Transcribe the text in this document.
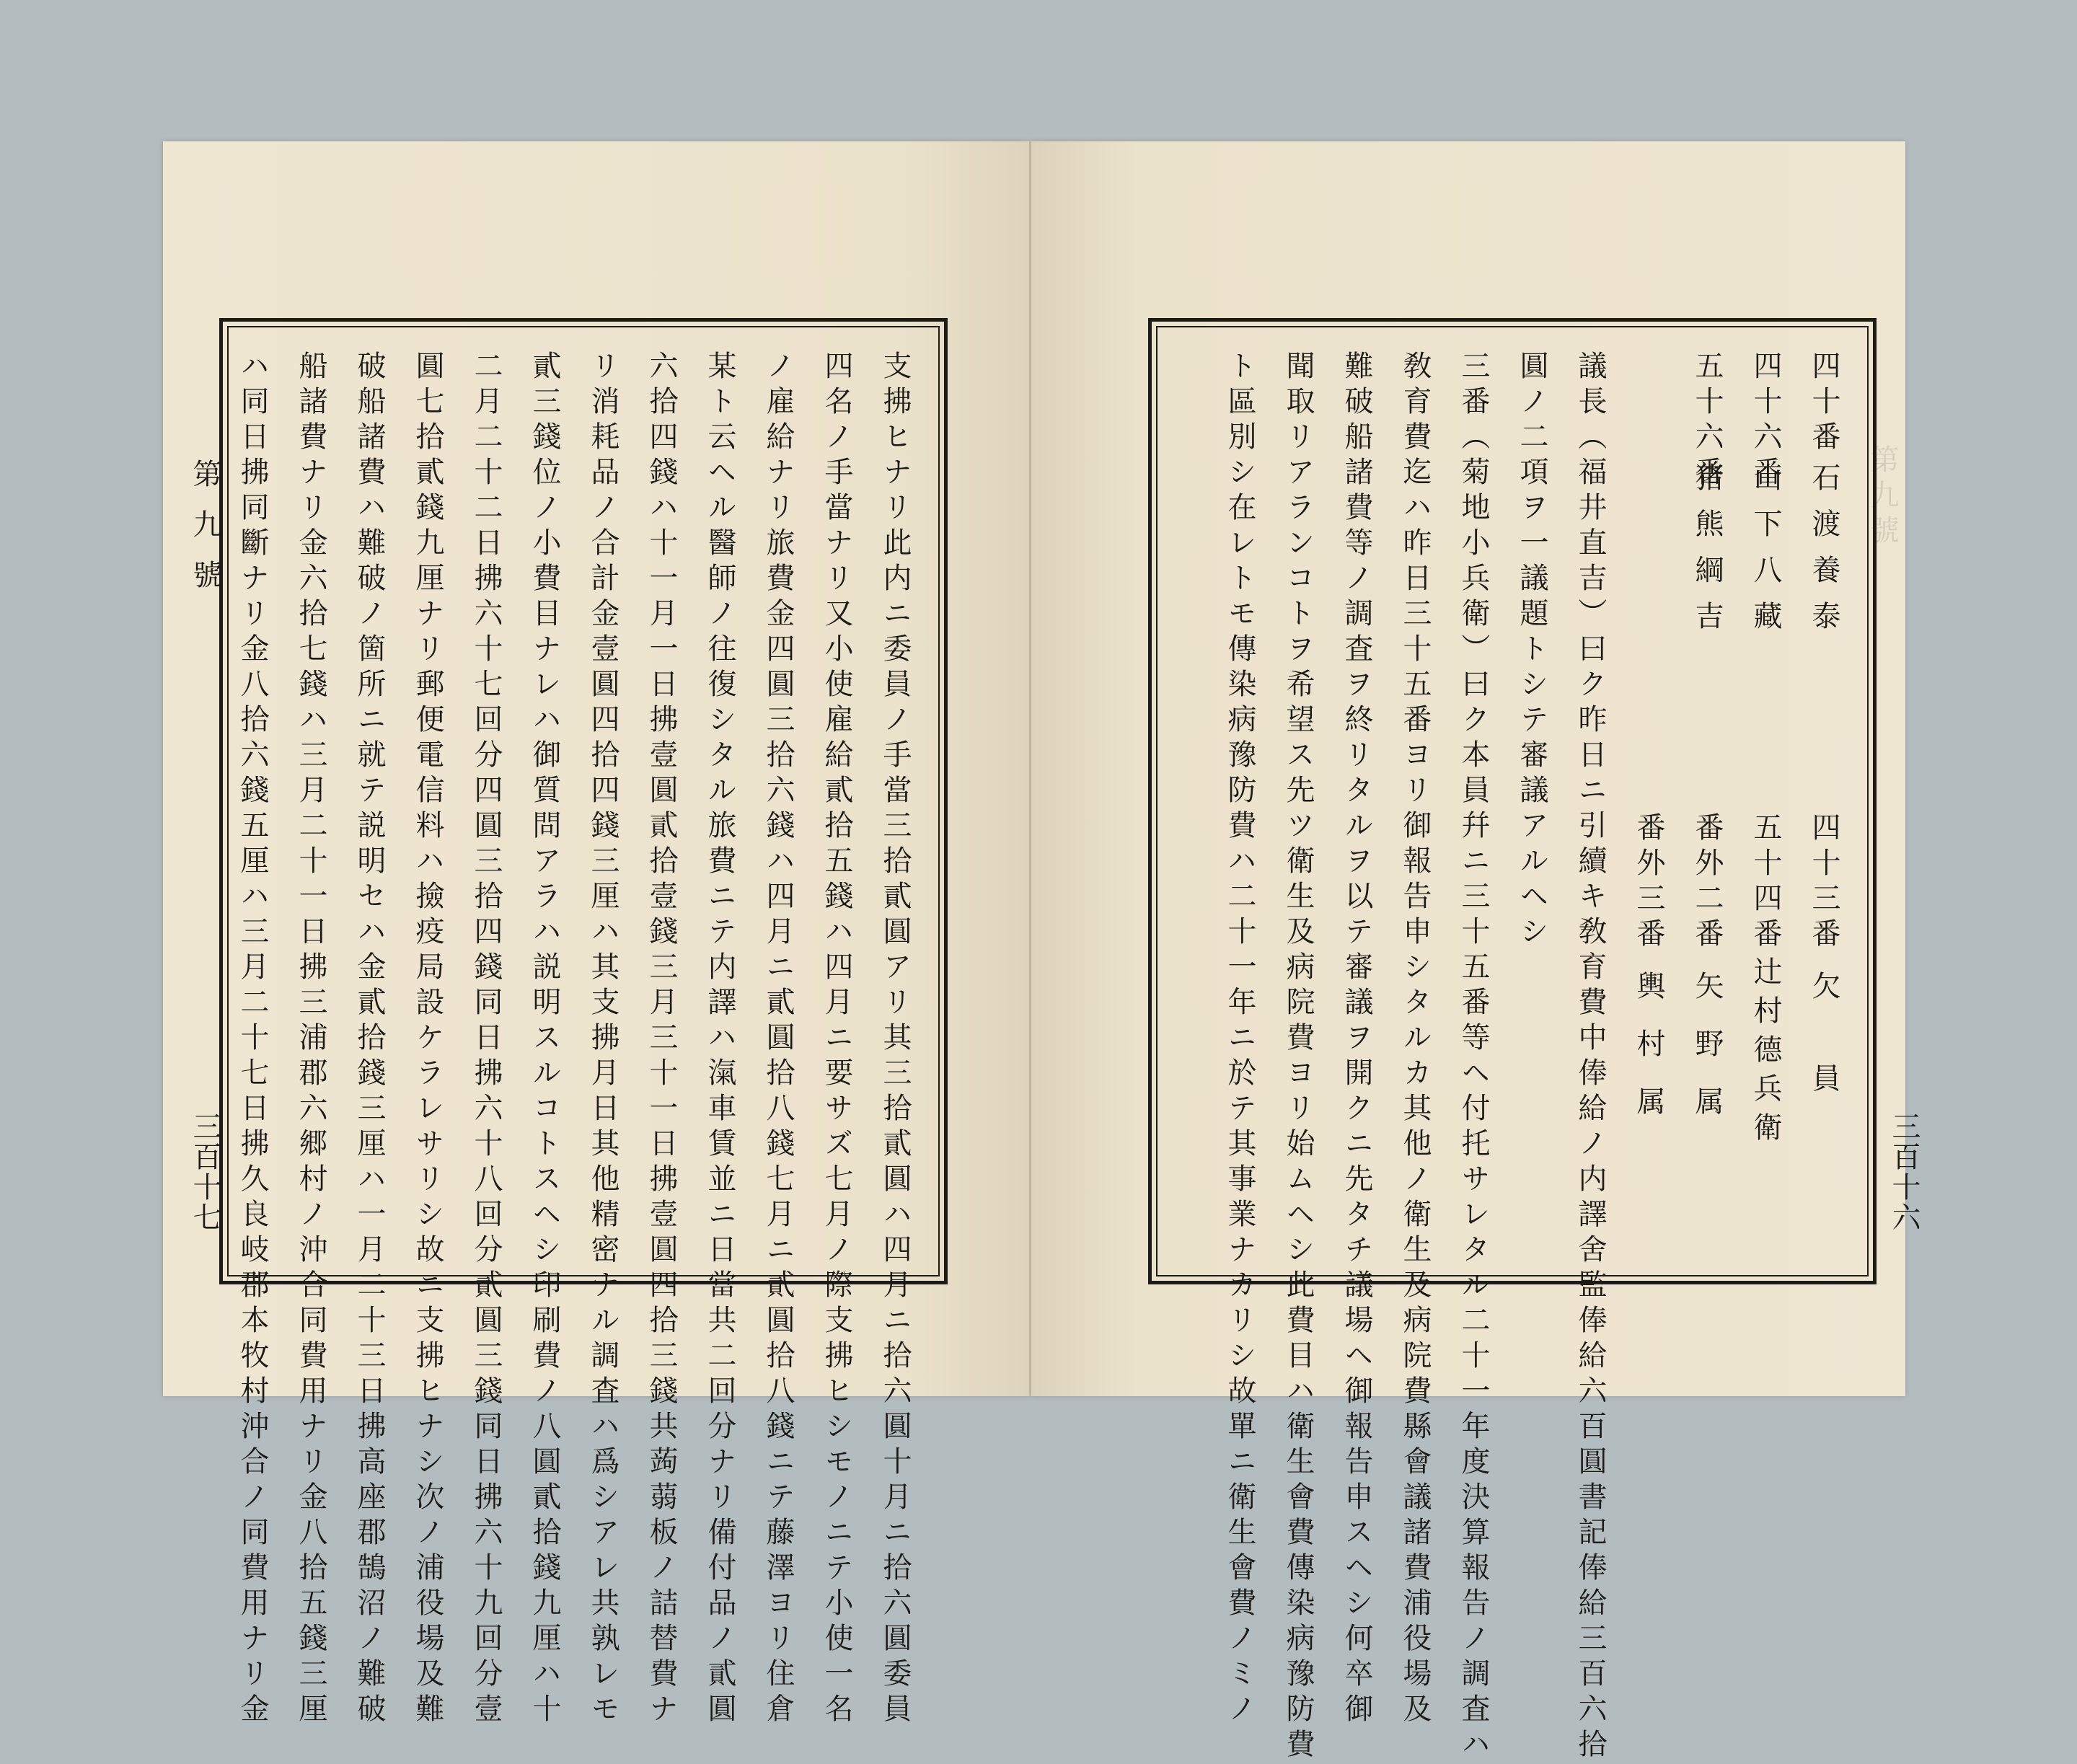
支拂ヒナリ此内ニ委員ノ手當三拾貳圓アリ其三拾貳圓ハ四月ニ拾六圓十月ニ拾六圓委員
四名ノ手當ナリ又小使雇給貳拾五錢ハ四月ニ要サズ七月ノ際支拂ヒシモノニテ小使一名
ノ雇給ナリ旅費金四圓三拾六錢ハ四月ニ貳圓拾八錢七月ニ貳圓拾八錢ニテ藤澤ヨリ住倉
某ト云ヘル醫師ノ往復シタル旅費ニテ内譯ハ滊車賃並ニ日當共二回分ナリ備付品ノ貳圓
六拾四錢ハ十一月一日拂壹圓貳拾壹錢三月三十一日拂壹圓四拾三錢共蒟蒻板ノ詰替費ナ
リ消耗品ノ合計金壹圓四拾四錢三厘ハ其支拂月日其他精密ナル調査ハ爲シアレ共孰レモ
貳三錢位ノ小費目ナレハ御質問アラハ説明スルコトスヘシ印刷費ノ八圓貳拾錢九厘ハ十
二月二十二日拂六十七回分四圓三拾四錢同日拂六十八回分貳圓三錢同日拂六十九回分壹
圓七拾貳錢九厘ナリ郵便電信料ハ撿疫局設ケラレサリシ故ニ支拂ヒナシ次ノ浦役場及難
破船諸費ハ難破ノ箇所ニ就テ説明セハ金貳拾錢三厘ハ一月二十三日拂高座郡鵠沼ノ難破
船諸費ナリ金六拾七錢ハ三月二十一日拂三浦郡六郷村ノ沖合同費用ナリ金八拾五錢三厘
ハ同日拂同斷ナリ金八拾六錢五厘ハ三月二十七日拂久良岐郡本牧村沖合ノ同費用ナリ金
第九號
三百十七
第九號
四十番
石渡養泰
四十六番
山下八藏
五十六番
猪熊綱吉
四十三番
欠　員
五十四番
辻村德兵衛
番外二番
矢野属
番外三番
輿村属
議長（福井直吉）曰ク昨日ニ引續キ敎育費中俸給ノ内譯舍監俸給六百圓書記俸給三百六拾
圓ノ二項ヲ一議題トシテ審議アルヘシ
三番（菊地小兵衛）曰ク本員幷ニ三十五番等ヘ付托サレタル二十一年度決算報告ノ調査ハ
敎育費迄ハ昨日三十五番ヨリ御報告申シタルカ其他ノ衛生及病院費縣會議諸費浦役場及
難破船諸費等ノ調査ヲ終リタルヲ以テ審議ヲ開クニ先タチ議場ヘ御報告申スヘシ何卒御
聞取リアランコトヲ希望ス先ツ衛生及病院費ヨリ始ムヘシ此費目ハ衛生會費傳染病豫防費
ト區別シ在レトモ傳染病豫防費ハ二十一年ニ於テ其事業ナカリシ故單ニ衛生會費ノミノ	三百十六
